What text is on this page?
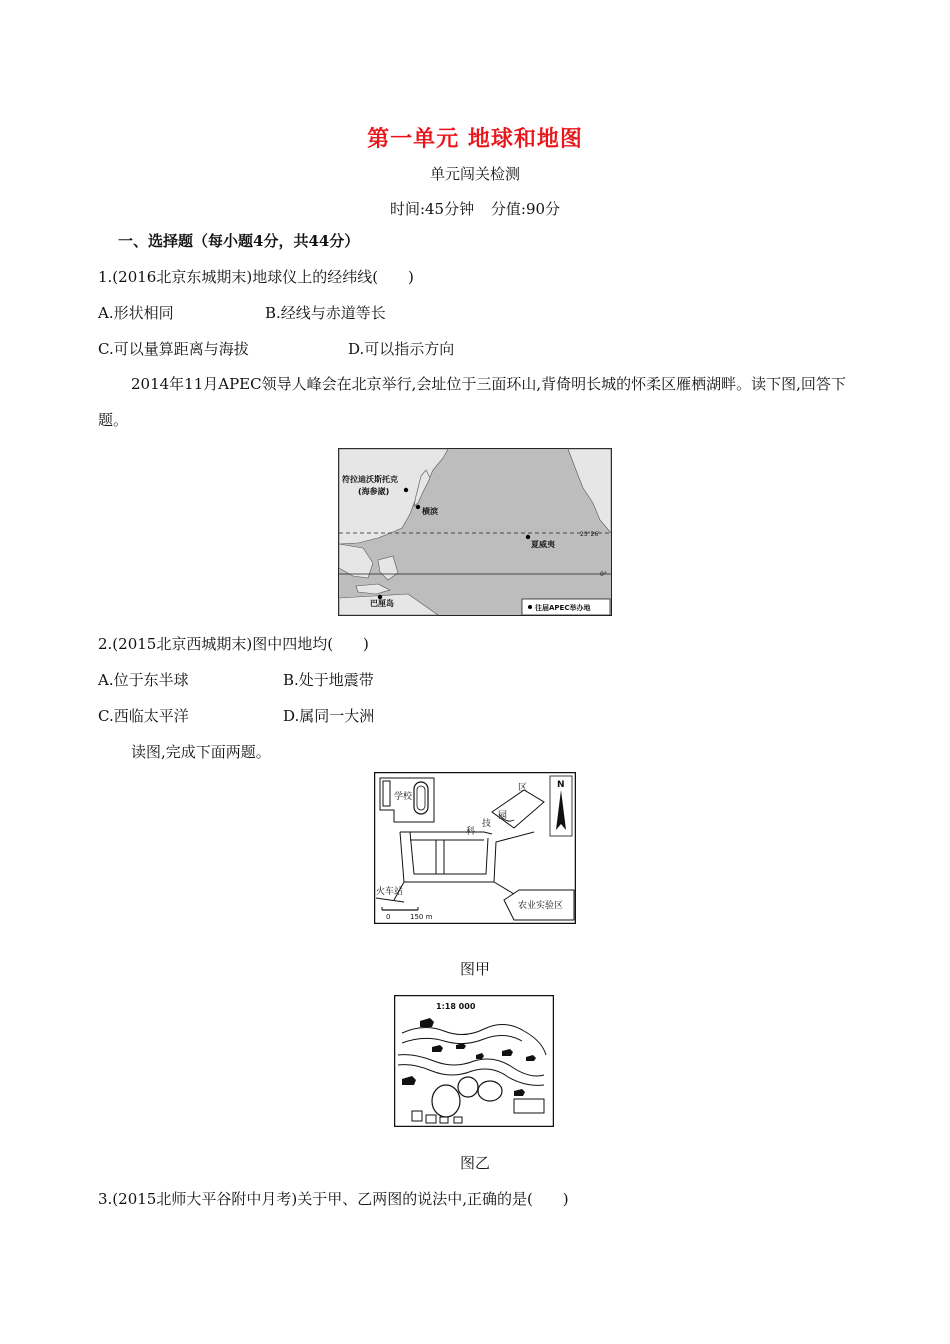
第一单元 地球和地图
单元闯关检测
时间:45分钟 分值:90分
一、选择题（每小题4分，共44分）
1.(2016北京东城期末)地球仪上的经纬线(　　)
A.形状相同	B.经线与赤道等长
C.可以量算距离与海拔	D.可以指示方向
2014年11月APEC领导人峰会在北京举行,会址位于三面环山,背倚明长城的怀柔区雁栖湖畔。读下图,回答下题。
23°26′
0°
符拉迪沃斯托克
(海参崴)
横滨
夏威夷
巴厘岛	往届APEC举办地
2.(2015北京西城期末)图中四地均(　　)
A.位于东半球	B.处于地震带
C.西临太平洋	D.属同一大洲
读图,完成下面两题。
学校
科
技
园
区	N
火车站
0	150 m
农业实验区
图甲
1:18 000
图乙
3.(2015北师大平谷附中月考)关于甲、乙两图的说法中,正确的是(　　)
